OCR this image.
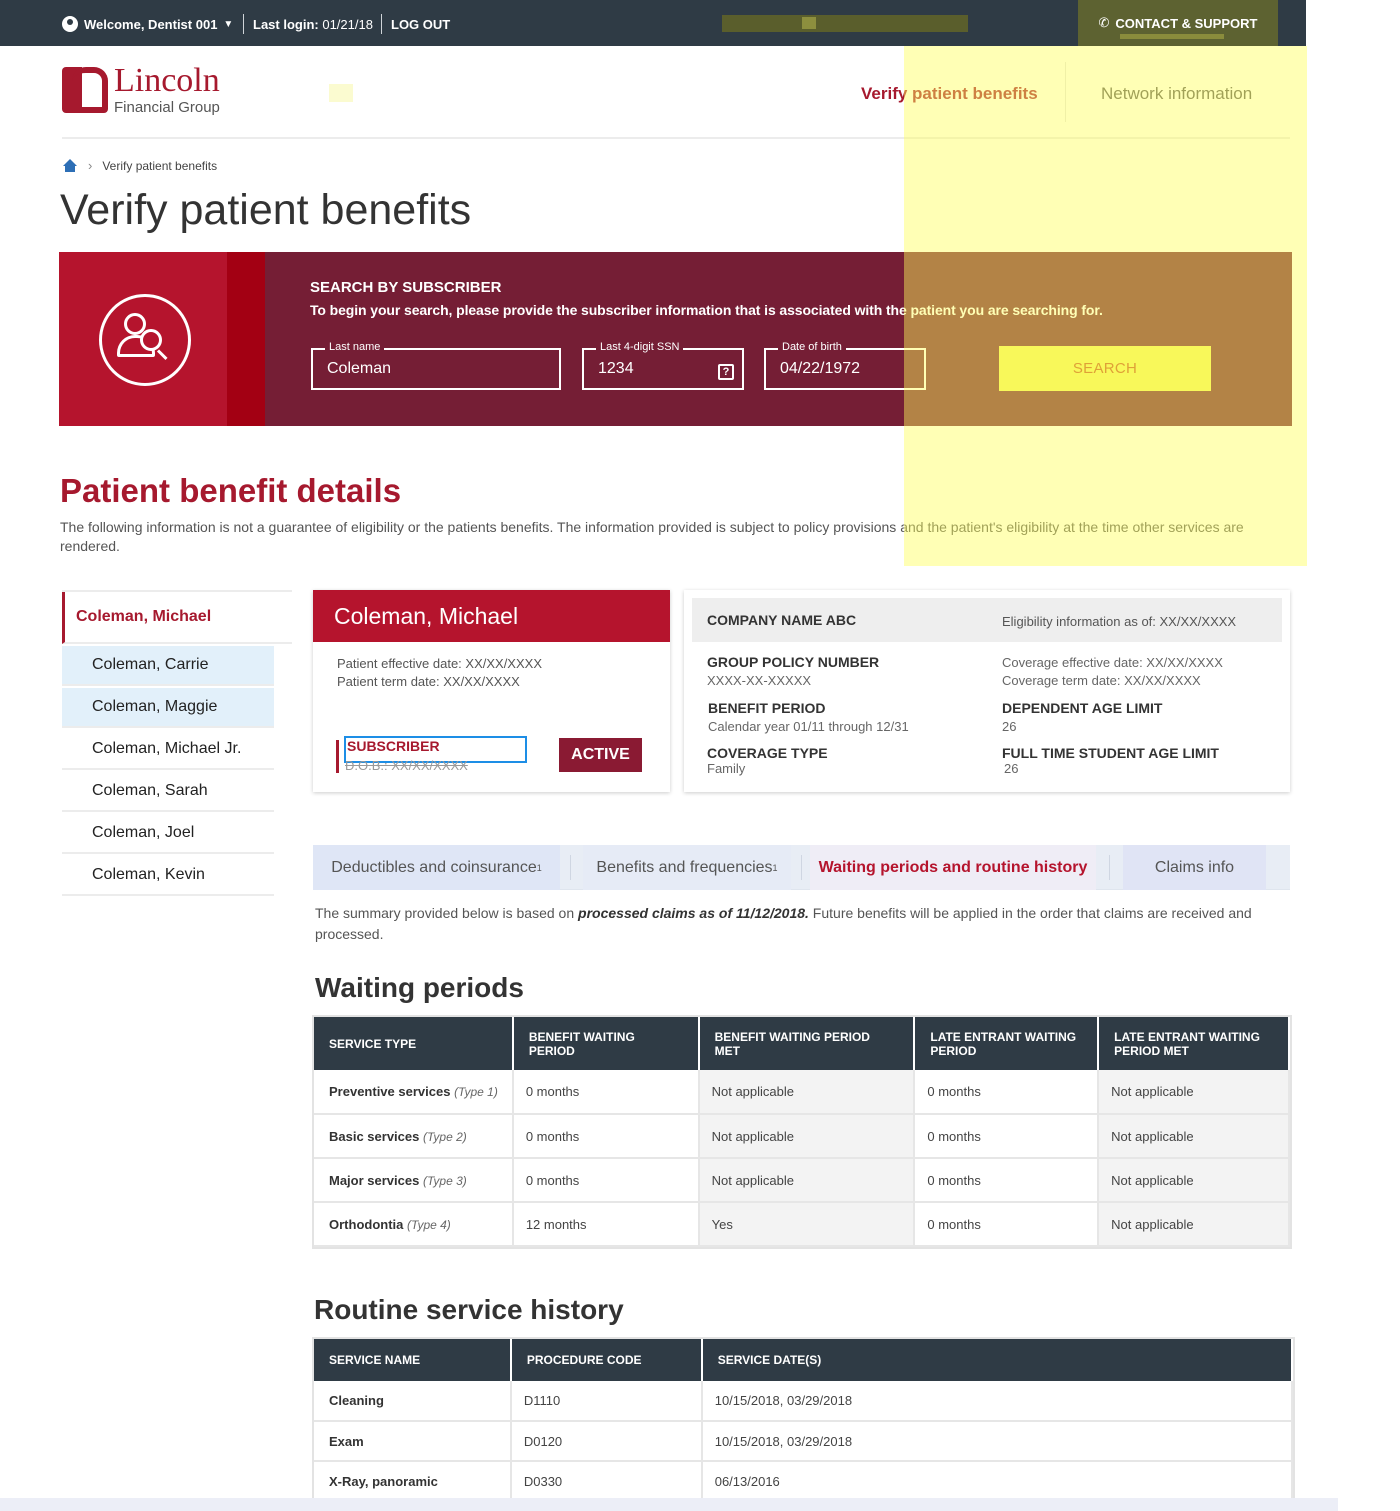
Welcome, Dentist 001 ▼ Last login: 01/21/18 LOG OUT	✆ CONTACT & SUPPORT
Lincoln
Financial Group
Verify patient benefits	Network information
› Verify patient benefits
Verify patient benefits
SEARCH BY SUBSCRIBER
To begin your search, please provide the subscriber information that is associated with the patient you are searching for.
Last name
Coleman
Last 4-digit SSN
1234	?
Date of birth
04/22/1972	SEARCH
Patient benefit details

The following information is not a guarantee of eligibility or the patients benefits. The information provided is subject to policy provisions and the patient's eligibility at the time other services are rendered.

Coleman, Michael
Coleman, Carrie
Coleman, Maggie
Coleman, Michael Jr.
Coleman, Sarah
Coleman, Joel
Coleman, Kevin
Coleman, Michael
Patient effective date: XX/XX/XXXX
Patient term date: XX/XX/XXXX
SUBSCRIBER
D.O.B.: XX/XX/XXXX
ACTIVE
COMPANY NAME ABC	Eligibility information as of: XX/XX/XXXX
GROUP POLICY NUMBER
XXXX-XX-XXXXX
Coverage effective date: XX/XX/XXXX
Coverage term date: XX/XX/XXXX
BENEFIT PERIOD
Calendar year 01/11 through 12/31
DEPENDENT AGE LIMIT
26
COVERAGE TYPE
Family
FULL TIME STUDENT AGE LIMIT
26
Deductibles and coinsurance 1	Benefits and frequencies 1	Waiting periods and routine history	Claims info

The summary provided below is based on processed claims as of 11/12/2018. Future benefits will be applied in the order that claims are received and processed.

Waiting periods
SERVICE TYPE	BENEFIT WAITING PERIOD	BENEFIT WAITING PERIOD MET	LATE ENTRANT WAITING PERIOD	LATE ENTRANT WAITING PERIOD MET
Preventive services (Type 1)	0 months	Not applicable	0 months	Not applicable
Basic services (Type 2)	0 months	Not applicable	0 months	Not applicable
Major services (Type 3)	0 months	Not applicable	0 months	Not applicable
Orthodontia (Type 4)	12 months	Yes	0 months	Not applicable
Routine service history
SERVICE NAME	PROCEDURE CODE	SERVICE DATE(S)
Cleaning	D1110	10/15/2018, 03/29/2018
Exam	D0120	10/15/2018, 03/29/2018
X-Ray, panoramic	D0330	06/13/2016
